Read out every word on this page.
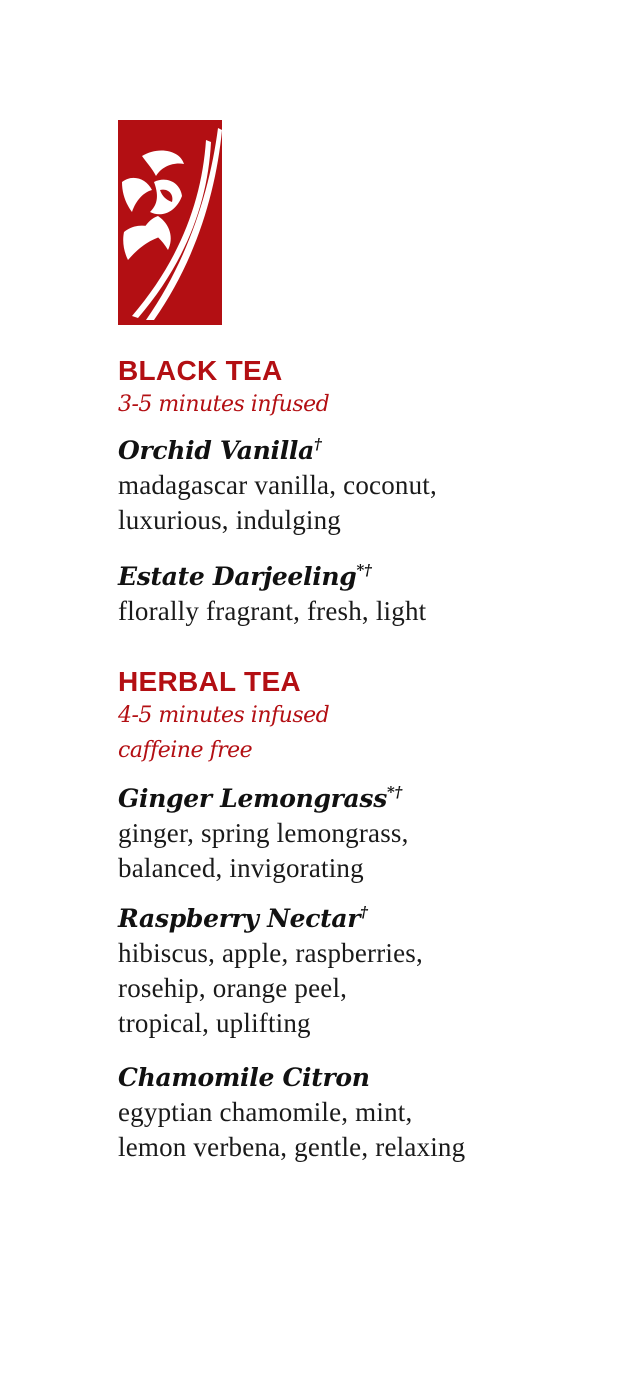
BLACK TEA

3-5 minutes infused

Orchid Vanilla†

madagascar vanilla, coconut,
luxurious, indulging

Estate Darjeeling*†

florally fragrant, fresh, light

HERBAL TEA

4-5 minutes infused

caffeine free

Ginger Lemongrass*†

ginger, spring lemongrass,
balanced, invigorating

Raspberry Nectar†

hibiscus, apple, raspberries,
rosehip, orange peel,
tropical, uplifting

Chamomile Citron

egyptian chamomile, mint,
lemon verbena, gentle, relaxing
